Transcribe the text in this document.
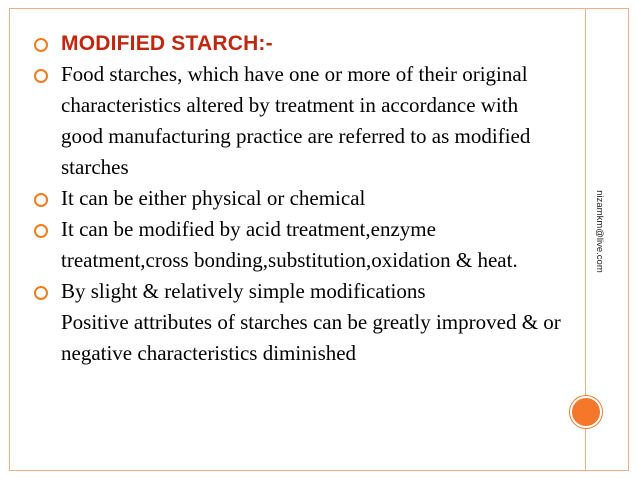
nizamkm@live.com
MODIFIED STARCH:-
Food starches, which have one or more of their original characteristics altered by treatment in accordance with good manufacturing practice are referred to as modified starches
It can be either physical or chemical
It can be modified by acid treatment,enzyme treatment,cross bonding,substitution,oxidation & heat.
By slight & relatively simple modifications
Positive attributes of starches can be greatly improved & or negative characteristics diminished
